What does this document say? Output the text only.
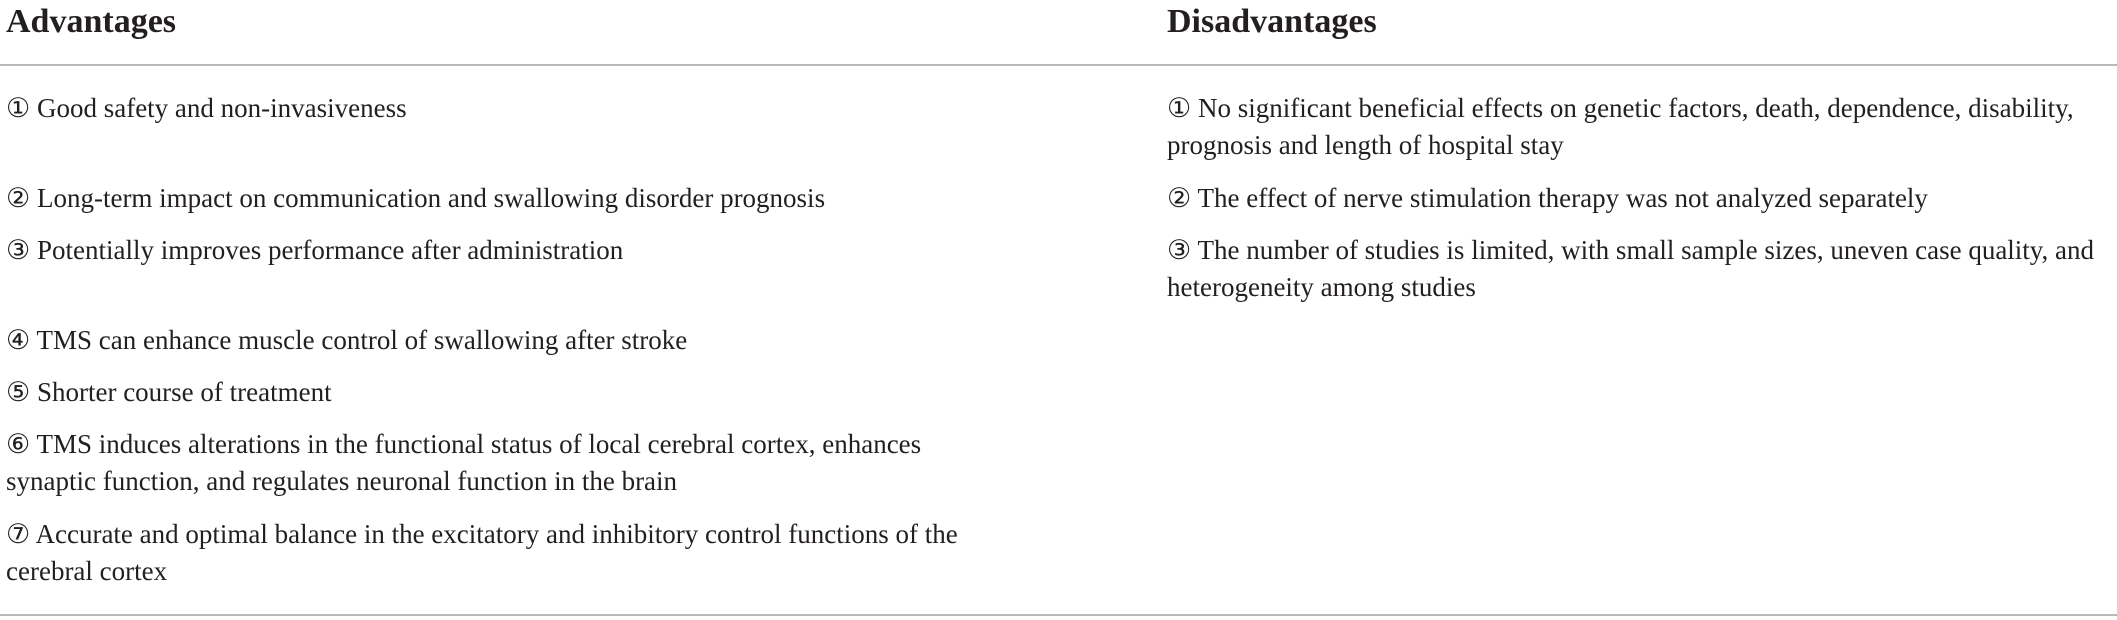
Advantages	Disadvantages
① Good safety and non-invasiveness
② Long-term impact on communication and swallowing disorder prognosis
③ Potentially improves performance after administration
④ TMS can enhance muscle control of swallowing after stroke
⑤ Shorter course of treatment
⑥ TMS induces alterations in the functional status of local cerebral cortex, enhances synaptic function, and regulates neuronal function in the brain
⑦ Accurate and optimal balance in the excitatory and inhibitory control functions of the cerebral cortex
① No significant beneficial effects on genetic factors, death, dependence, disability, prognosis and length of hospital stay
② The effect of nerve stimulation therapy was not analyzed separately
③ The number of studies is limited, with small sample sizes, uneven case quality, and heterogeneity among studies
